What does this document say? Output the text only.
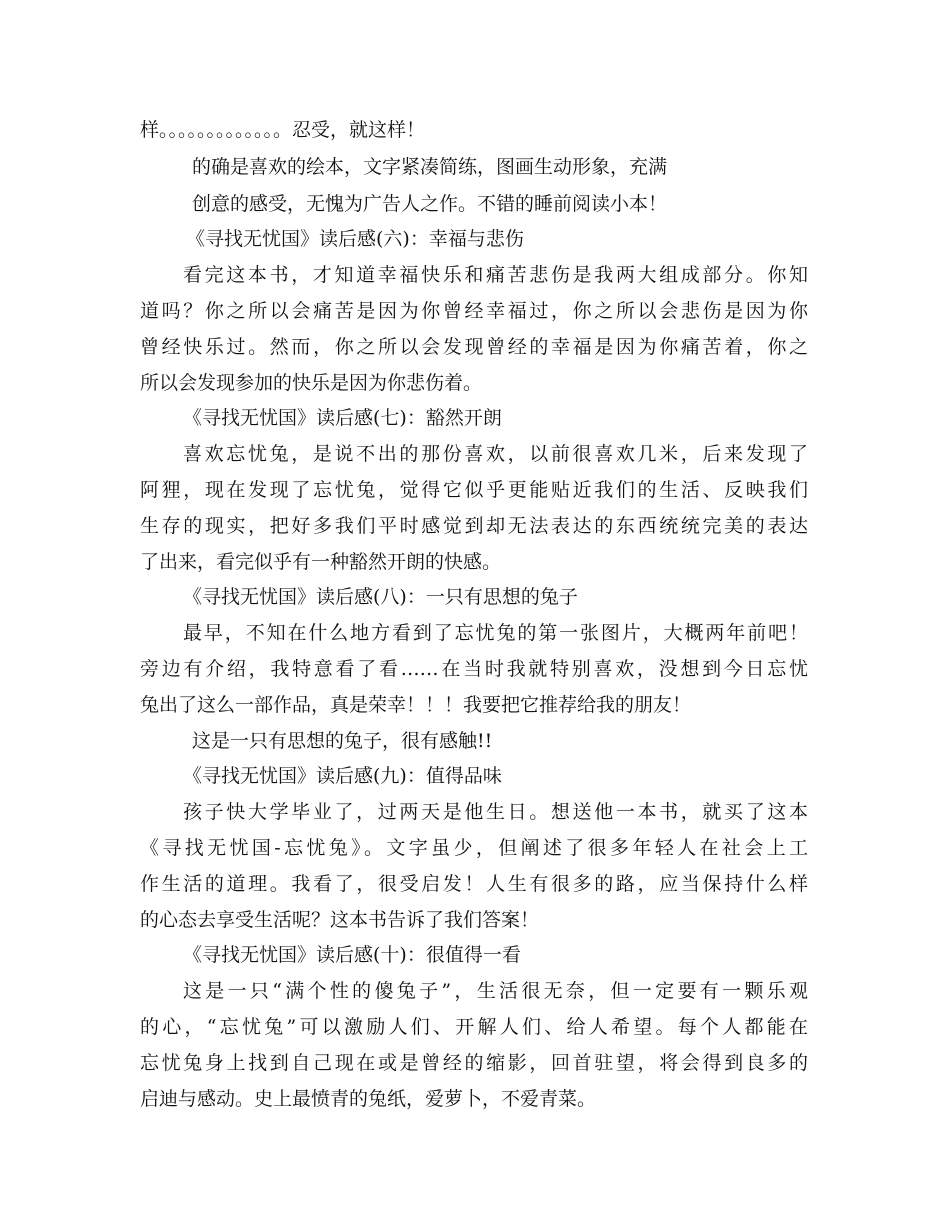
样。。。。。。。。。。。。。忍受，就这样！

的确是喜欢的绘本，文字紧凑简练，图画生动形象，充满

创意的感受，无愧为广告人之作。不错的睡前阅读小本！

《寻找无忧国》读后感(六)：幸福与悲伤

看完这本书，才知道幸福快乐和痛苦悲伤是我两大组成部分。你知

道吗？你之所以会痛苦是因为你曾经幸福过，你之所以会悲伤是因为你

曾经快乐过。然而，你之所以会发现曾经的幸福是因为你痛苦着，你之

所以会发现参加的快乐是因为你悲伤着。

《寻找无忧国》读后感(七)：豁然开朗

喜欢忘忧兔，是说不出的那份喜欢，以前很喜欢几米，后来发现了

阿狸，现在发现了忘忧兔，觉得它似乎更能贴近我们的生活、反映我们

生存的现实，把好多我们平时感觉到却无法表达的东西统统完美的表达

了出来，看完似乎有一种豁然开朗的快感。

《寻找无忧国》读后感(八)：一只有思想的兔子

最早，不知在什么地方看到了忘忧兔的第一张图片，大概两年前吧！

旁边有介绍，我特意看了看……在当时我就特别喜欢，没想到今日忘忧

兔出了这么一部作品，真是荣幸！！！我要把它推荐给我的朋友！

这是一只有思想的兔子，很有感触!!

《寻找无忧国》读后感(九)：值得品味

孩子快大学毕业了，过两天是他生日。想送他一本书，就买了这本

《寻找无忧国-忘忧兔》。文字虽少，但阐述了很多年轻人在社会上工

作生活的道理。我看了，很受启发！人生有很多的路，应当保持什么样

的心态去享受生活呢？这本书告诉了我们答案！

《寻找无忧国》读后感(十)：很值得一看

这是一只“满个性的傻兔子”，生活很无奈，但一定要有一颗乐观

的心，“忘忧兔”可以激励人们、开解人们、给人希望。每个人都能在

忘忧兔身上找到自己现在或是曾经的缩影，回首驻望，将会得到良多的

启迪与感动。史上最愤青的兔纸，爱萝卜，不爱青菜。
